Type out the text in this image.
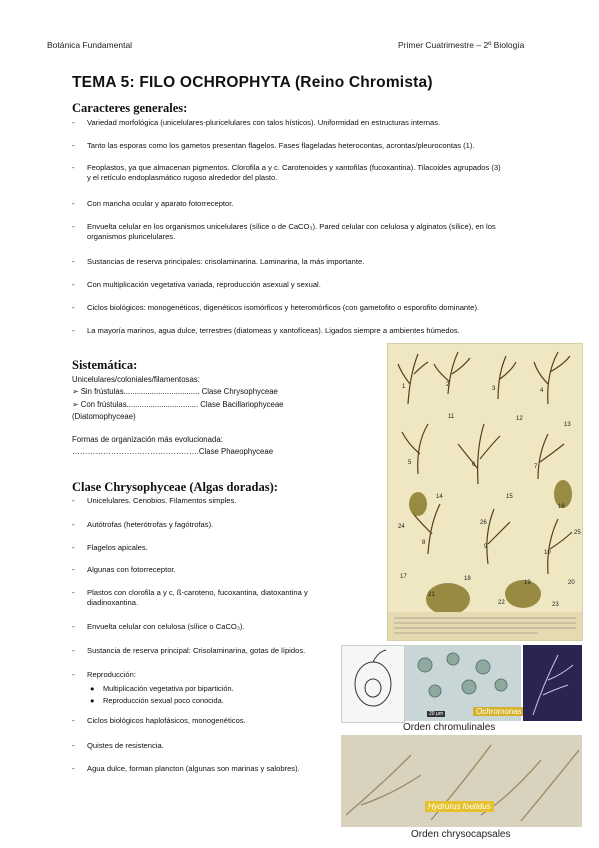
Botánica Fundamental	Primer Cuatrimestre – 2º Biología
TEMA 5: FILO OCHROPHYTA (Reino Chromista)
Caracteres generales:
- Variedad morfológica (unicelulares-pluricelulares con talos hísticos). Uniformidad en estructuras internas.
- Tanto las esporas como los gametos presentan flagelos. Fases flageladas heterocontas, acrontas/pleurocontas (1).
- Feoplastos, ya que almacenan pigmentos. Clorofila a y c. Carotenoides y xantofilas (fucoxantina). Tilacoides agrupados (3)
y el retículo endoplasmático rugoso alrededor del plasto.
- Con mancha ocular y aparato fotorreceptor.
- Envuelta celular en los organismos unicelulares (sílice o de CaCO₃). Pared celular con celulosa y alginatos (sílice), en los
organismos pluricelulares.
- Sustancias de reserva principales: crisolaminarina. Laminarina, la más importante.
- Con multiplicación vegetativa variada, reproducción asexual y sexual.
- Ciclos biológicos: monogenéticos, digenéticos isomórficos y heteromórficos (con gametofito o esporofito dominante).
- La mayoría marinos, agua dulce, terrestres (diatomeas y xantofíceas). Ligados siempre a ambientes húmedos.
Sistemática:
Unicelulares/coloniales/filamentosas:
➢ Sin frústulas................................... Clase Chrysophyceae
➢ Con frústulas................................. Clase Bacillariophyceae
(Diatomophyceae)
Formas de organización más evolucionada:
………………………………………….Clase Phaeophyceae
Clase Chrysophyceae (Algas doradas):
- Unicelulares. Cenobios. Filamentos simples.
- Autótrofas (heterótrofas y fagótrofas).
- Flagelos apicales.
- Algunas con fotorreceptor.
- Plastos con clorofila a y c, ß-caroteno, fucoxantina, diatoxantina y
diadinoxantina.
- Envuelta celular con celulosa (sílice o CaCO₃).
- Sustancia de reserva principal: Crisolaminarina, gotas de lípidos.
- Reproducción:
- Ciclos biológicos haplofásicos, monogenéticos.
- Quistes de resistencia.
- Agua dulce, forman plancton (algunas son marinas y salobres).
● Multiplicación vegetativa por bipartición.
● Reproducción sexual poco conocida.
1	2
3	4
5	6	7
8
9
10
11	12
13
14	15
16
17	18
19	20
21
22	23
24
25
26
20 µm	Ochromonas
Orden chromulinales
Hydrurus foetidus
Orden chrysocapsales
